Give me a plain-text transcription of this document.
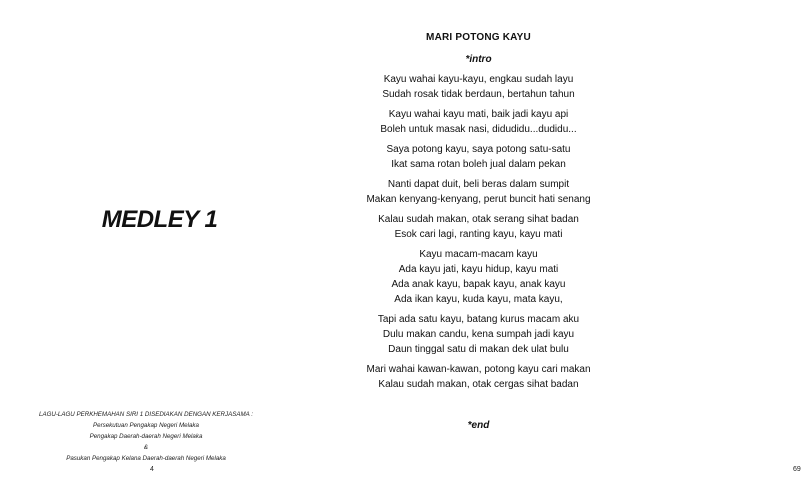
MEDLEY 1
LAGU-LAGU PERKHEMAHAN SIRI 1 DISEDIAKAN DENGAN KERJASAMA :
Persekutuan Pengakap Negeri Melaka
Pengakap Daerah-daerah Negeri Melaka
&
Pasukan Pengakap Kelana Daerah-daerah Negeri Melaka
4
MARI POTONG KAYU
*intro
Kayu wahai kayu-kayu, engkau sudah layu
Sudah rosak tidak berdaun, bertahun tahun
Kayu wahai kayu mati, baik jadi kayu api
Boleh untuk masak nasi, didudidu...dudidu...
Saya potong kayu, saya potong satu-satu
Ikat sama rotan boleh jual dalam pekan
Nanti dapat duit, beli beras dalam sumpit
Makan kenyang-kenyang, perut buncit hati senang
Kalau sudah makan, otak serang sihat badan
Esok cari lagi, ranting kayu, kayu mati
Kayu macam-macam kayu
Ada kayu jati, kayu hidup, kayu mati
Ada anak kayu, bapak kayu, anak kayu
Ada ikan kayu, kuda kayu, mata kayu,
Tapi ada satu kayu, batang kurus macam aku
Dulu makan candu, kena sumpah jadi kayu
Daun tinggal satu di makan dek ulat bulu
Mari wahai kawan-kawan, potong kayu cari makan
Kalau sudah makan, otak cergas sihat badan
*end
69
